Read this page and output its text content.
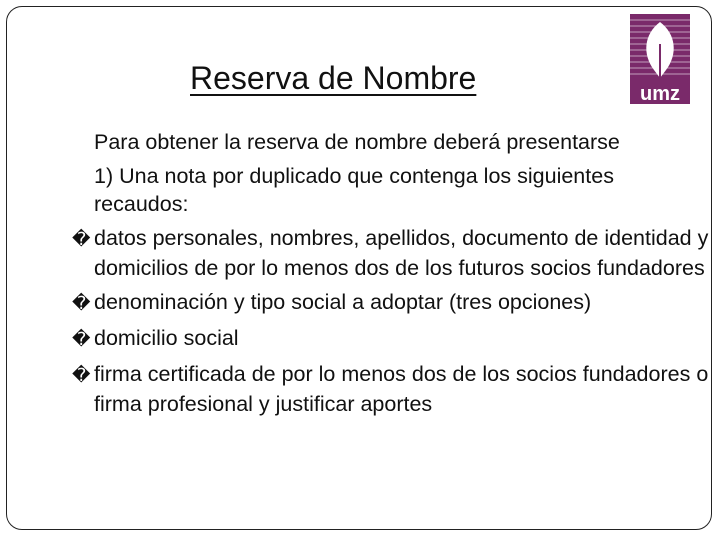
Reserva de Nombre	umz

Para obtener la reserva de nombre deberá presentarse

1) Una nota por duplicado que contenga los siguientes recaudos:

� datos personales, nombres, apellidos, documento de identidad y domicilios de por lo menos dos de los futuros socios fundadores

� denominación y tipo social a adoptar (tres opciones)

� domicilio social

� firma certificada de por lo menos dos de los socios fundadores o firma profesional y justificar aportes
